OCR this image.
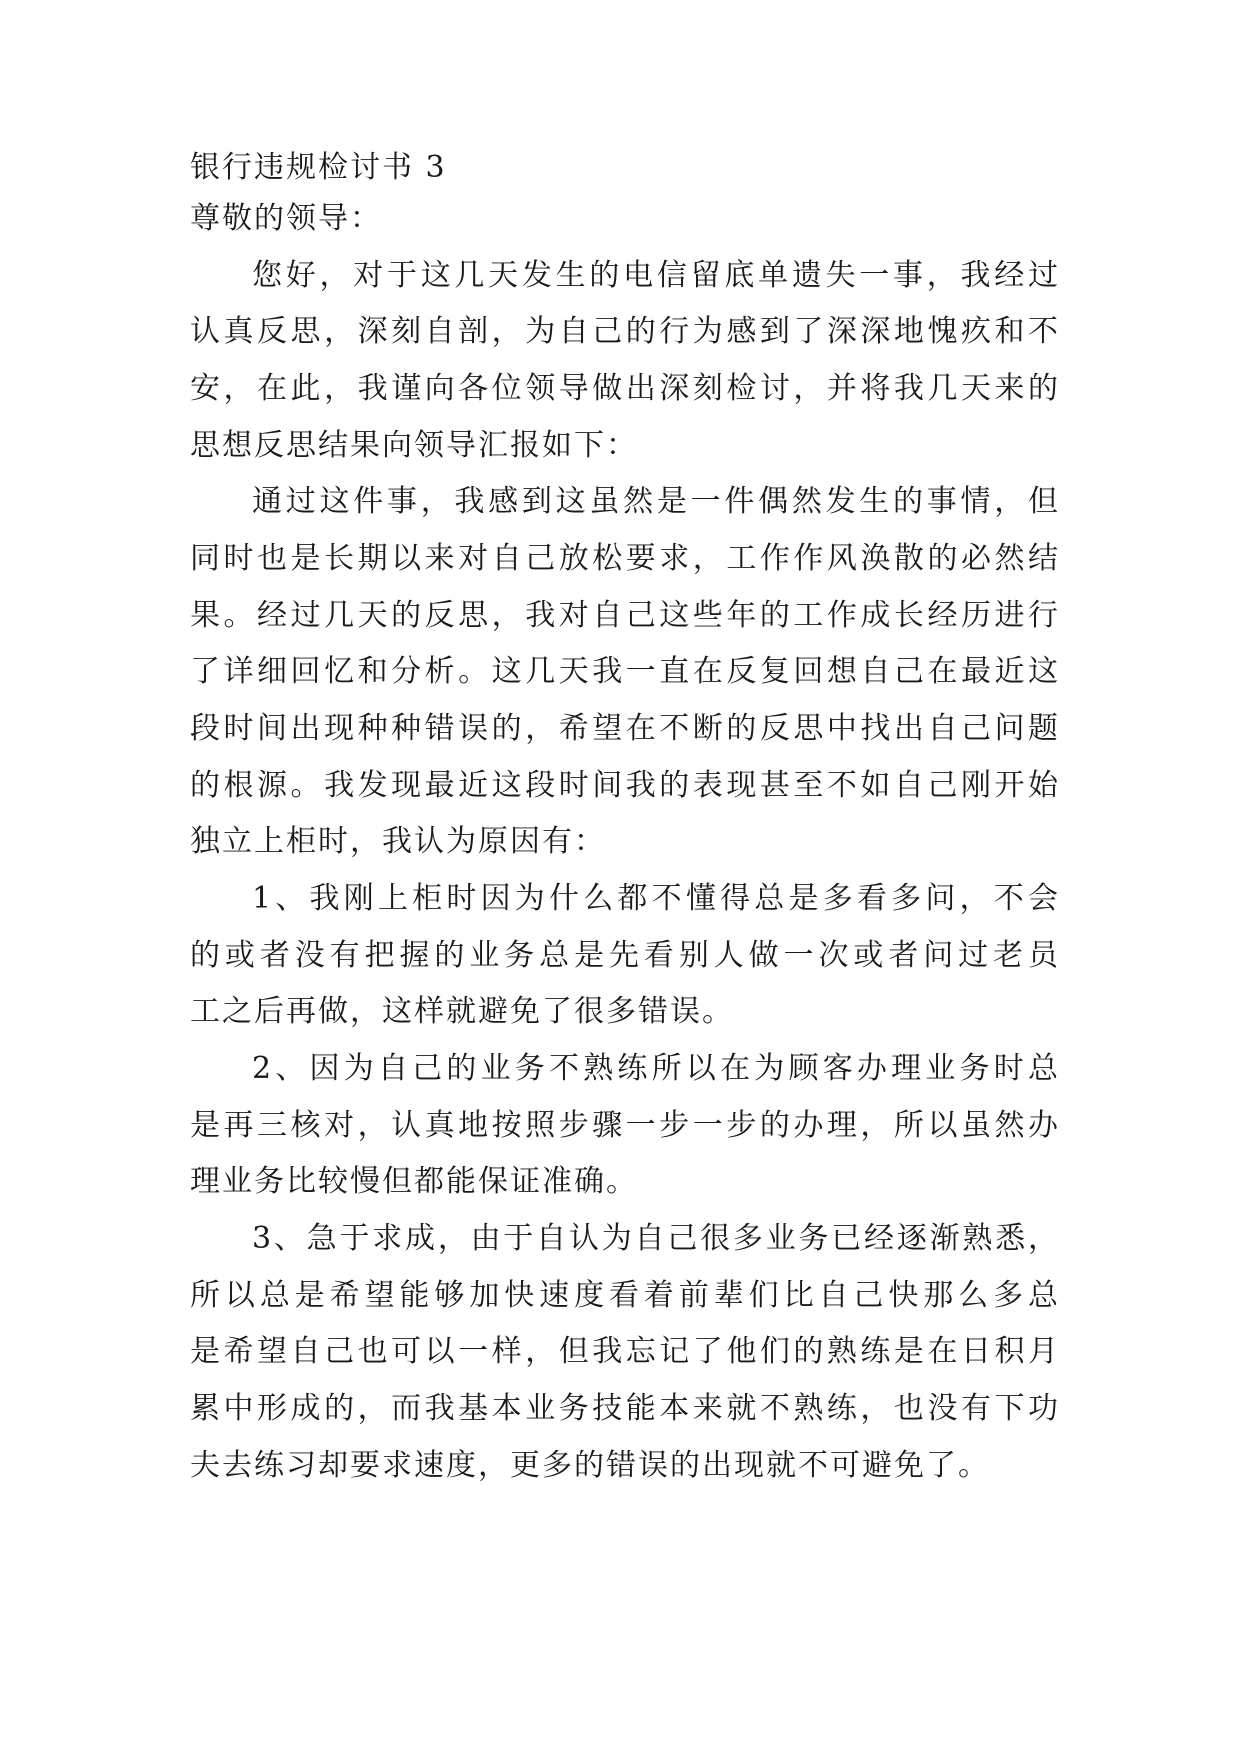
银行违规检讨书 3
尊敬的领导：
您好，对于这几天发生的电信留底单遗失一事，我经过
认真反思，深刻自剖，为自己的行为感到了深深地愧疚和不
安，在此，我谨向各位领导做出深刻检讨，并将我几天来的
思想反思结果向领导汇报如下：
通过这件事，我感到这虽然是一件偶然发生的事情，但
同时也是长期以来对自己放松要求，工作作风涣散的必然结
果。经过几天的反思，我对自己这些年的工作成长经历进行
了详细回忆和分析。这几天我一直在反复回想自己在最近这
段时间出现种种错误的，希望在不断的反思中找出自己问题
的根源。我发现最近这段时间我的表现甚至不如自己刚开始
独立上柜时，我认为原因有：
1、我刚上柜时因为什么都不懂得总是多看多问，不会
的或者没有把握的业务总是先看别人做一次或者问过老员
工之后再做，这样就避免了很多错误。
2、因为自己的业务不熟练所以在为顾客办理业务时总
是再三核对，认真地按照步骤一步一步的办理，所以虽然办
理业务比较慢但都能保证准确。
3、急于求成，由于自认为自己很多业务已经逐渐熟悉，
所以总是希望能够加快速度看着前辈们比自己快那么多总
是希望自己也可以一样，但我忘记了他们的熟练是在日积月
累中形成的，而我基本业务技能本来就不熟练，也没有下功
夫去练习却要求速度，更多的错误的出现就不可避免了。
